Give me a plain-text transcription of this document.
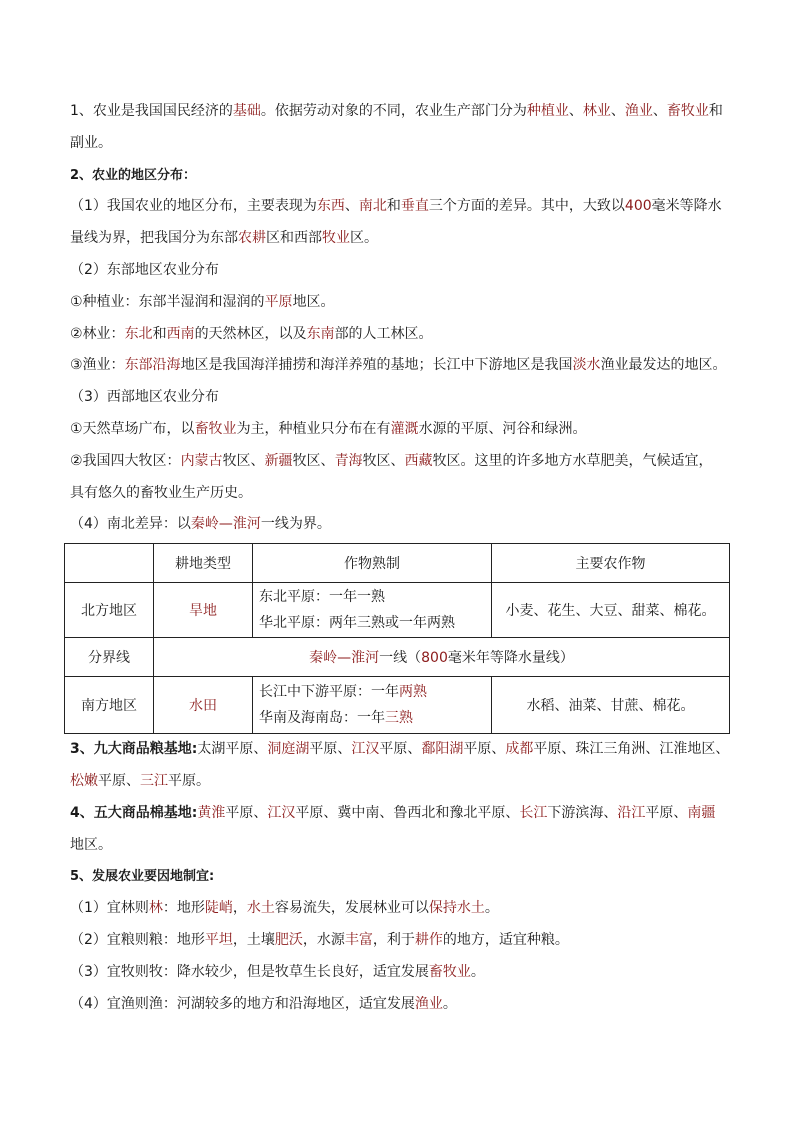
1、农业是我国国民经济的基础。依据劳动对象的不同，农业生产部门分为种植业、林业、渔业、畜牧业和
副业。
2、农业的地区分布：
（1）我国农业的地区分布，主要表现为东西、南北和垂直三个方面的差异。其中，大致以400毫米等降水
量线为界，把我国分为东部农耕区和西部牧业区。
（2）东部地区农业分布
①种植业：东部半湿润和湿润的平原地区。
②林业：东北和西南的天然林区，以及东南部的人工林区。
③渔业：东部沿海地区是我国海洋捕捞和海洋养殖的基地；长江中下游地区是我国淡水渔业最发达的地区。
（3）西部地区农业分布
①天然草场广布，以畜牧业为主，种植业只分布在有灌溉水源的平原、河谷和绿洲。
②我国四大牧区：内蒙古牧区、新疆牧区、青海牧区、西藏牧区。这里的许多地方水草肥美，气候适宜，
具有悠久的畜牧业生产历史。
（4）南北差异：以秦岭—淮河一线为界。
	耕地类型	作物熟制	主要农作物
北方地区	旱地	东北平原：一年一熟
华北平原：两年三熟或一年两熟	小麦、花生、大豆、甜菜、棉花。
分界线	秦岭—淮河一线（800毫米年等降水量线）		
南方地区	水田	长江中下游平原：一年两熟
华南及海南岛：一年三熟	水稻、油菜、甘蔗、棉花。
3、九大商品粮基地:太湖平原、洞庭湖平原、江汉平原、鄱阳湖平原、成都平原、珠江三角洲、江淮地区、
松嫩平原、三江平原。
4、五大商品棉基地:黄淮平原、江汉平原、冀中南、鲁西北和豫北平原、长江下游滨海、沿江平原、南疆
地区。
5、发展农业要因地制宜:
（1）宜林则林：地形陡峭，水土容易流失，发展林业可以保持水土。
（2）宜粮则粮：地形平坦，土壤肥沃，水源丰富，利于耕作的地方，适宜种粮。
（3）宜牧则牧：降水较少，但是牧草生长良好，适宜发展畜牧业。
（4）宜渔则渔：河湖较多的地方和沿海地区，适宜发展渔业。
